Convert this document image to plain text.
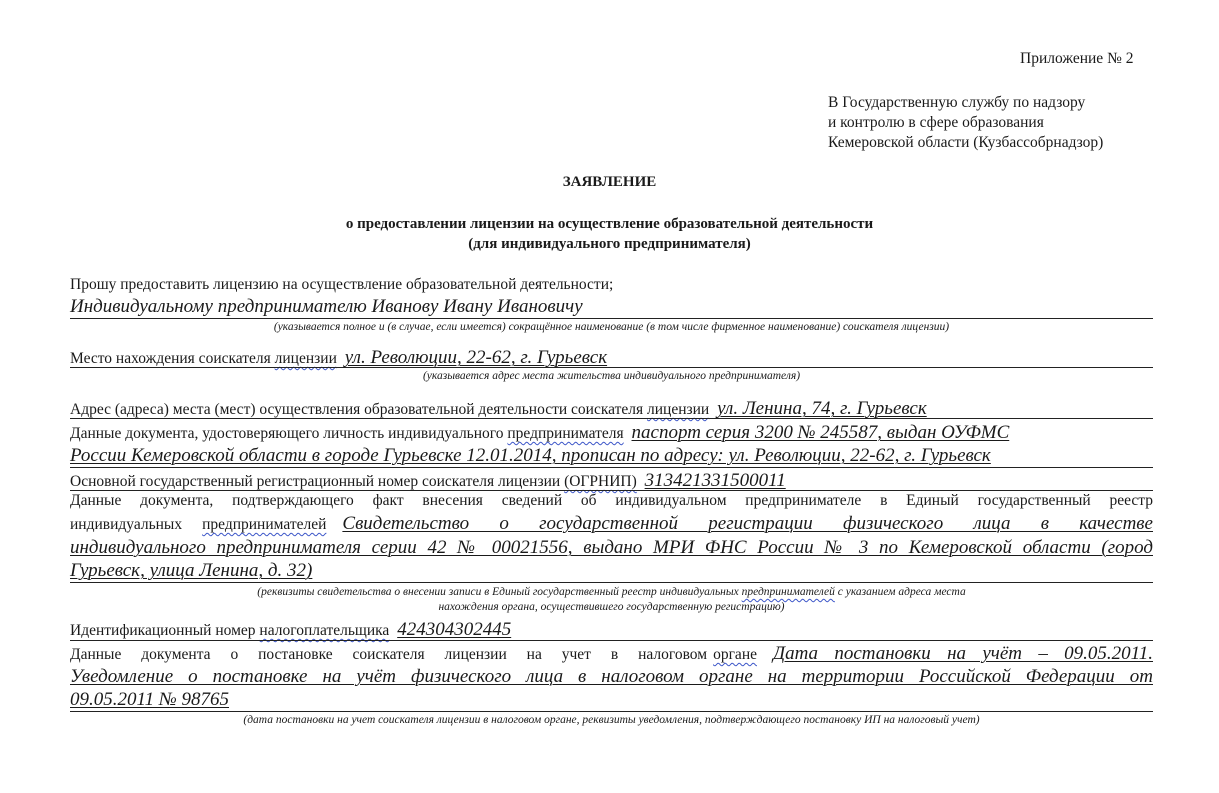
Приложение № 2
В Государственную службу по надзору
и контролю в сфере образования
Кемеровской области (Кузбассобрнадзор)
ЗАЯВЛЕНИЕ
о предоставлении лицензии на осуществление образовательной деятельности
(для индивидуального предпринимателя)
Прошу предоставить лицензию на осуществление образовательной деятельности;
Индивидуальному предпринимателю Иванову Ивану Ивановичу
(указывается полное и (в случае, если имеется) сокращённое наименование (в том числе фирменное наименование) соискателя лицензии)
Место нахождения соискателя лицензии ул. Революции, 22-62, г. Гурьевск
(указывается адрес места жительства индивидуального предпринимателя)
Адрес (адреса) места (мест) осуществления образовательной деятельности соискателя лицензии ул. Ленина, 74, г. Гурьевск
Данные документа, удостоверяющего личность индивидуального предпринимателя паспорт серия 3200 № 245587, выдан ОУФМС
России Кемеровской области в городе Гурьевске 12.01.2014, прописан по адресу: ул. Революции, 22-62, г. Гурьевск
Основной государственный регистрационный номер соискателя лицензии (ОГРНИП) 313421331500011
Данные документа, подтверждающего факт внесения сведений об индивидуальном предпринимателе в Единый государственный реестр
индивидуальных предпринимателей Свидетельство о государственной регистрации физического лица в качестве
индивидуального предпринимателя серии 42 № 00021556, выдано МРИ ФНС России № 3 по Кемеровской области (город
Гурьевск, улица Ленина, д. 32)
(реквизиты свидетельства о внесении записи в Единый государственный реестр индивидуальных предпринимателей с указанием адреса места
нахождения органа, осуществившего государственную регистрацию)
Идентификационный номер налогоплательщика 424304302445
Данные документа о постановке соискателя лицензии на учет в налоговом органе Дата постановки на учёт – 09.05.2011.
Уведомление о постановке на учёт физического лица в налоговом органе на территории Российской Федерации от
09.05.2011 № 98765
(дата постановки на учет соискателя лицензии в налоговом органе, реквизиты уведомления, подтверждающего постановку ИП на налоговый учет)
